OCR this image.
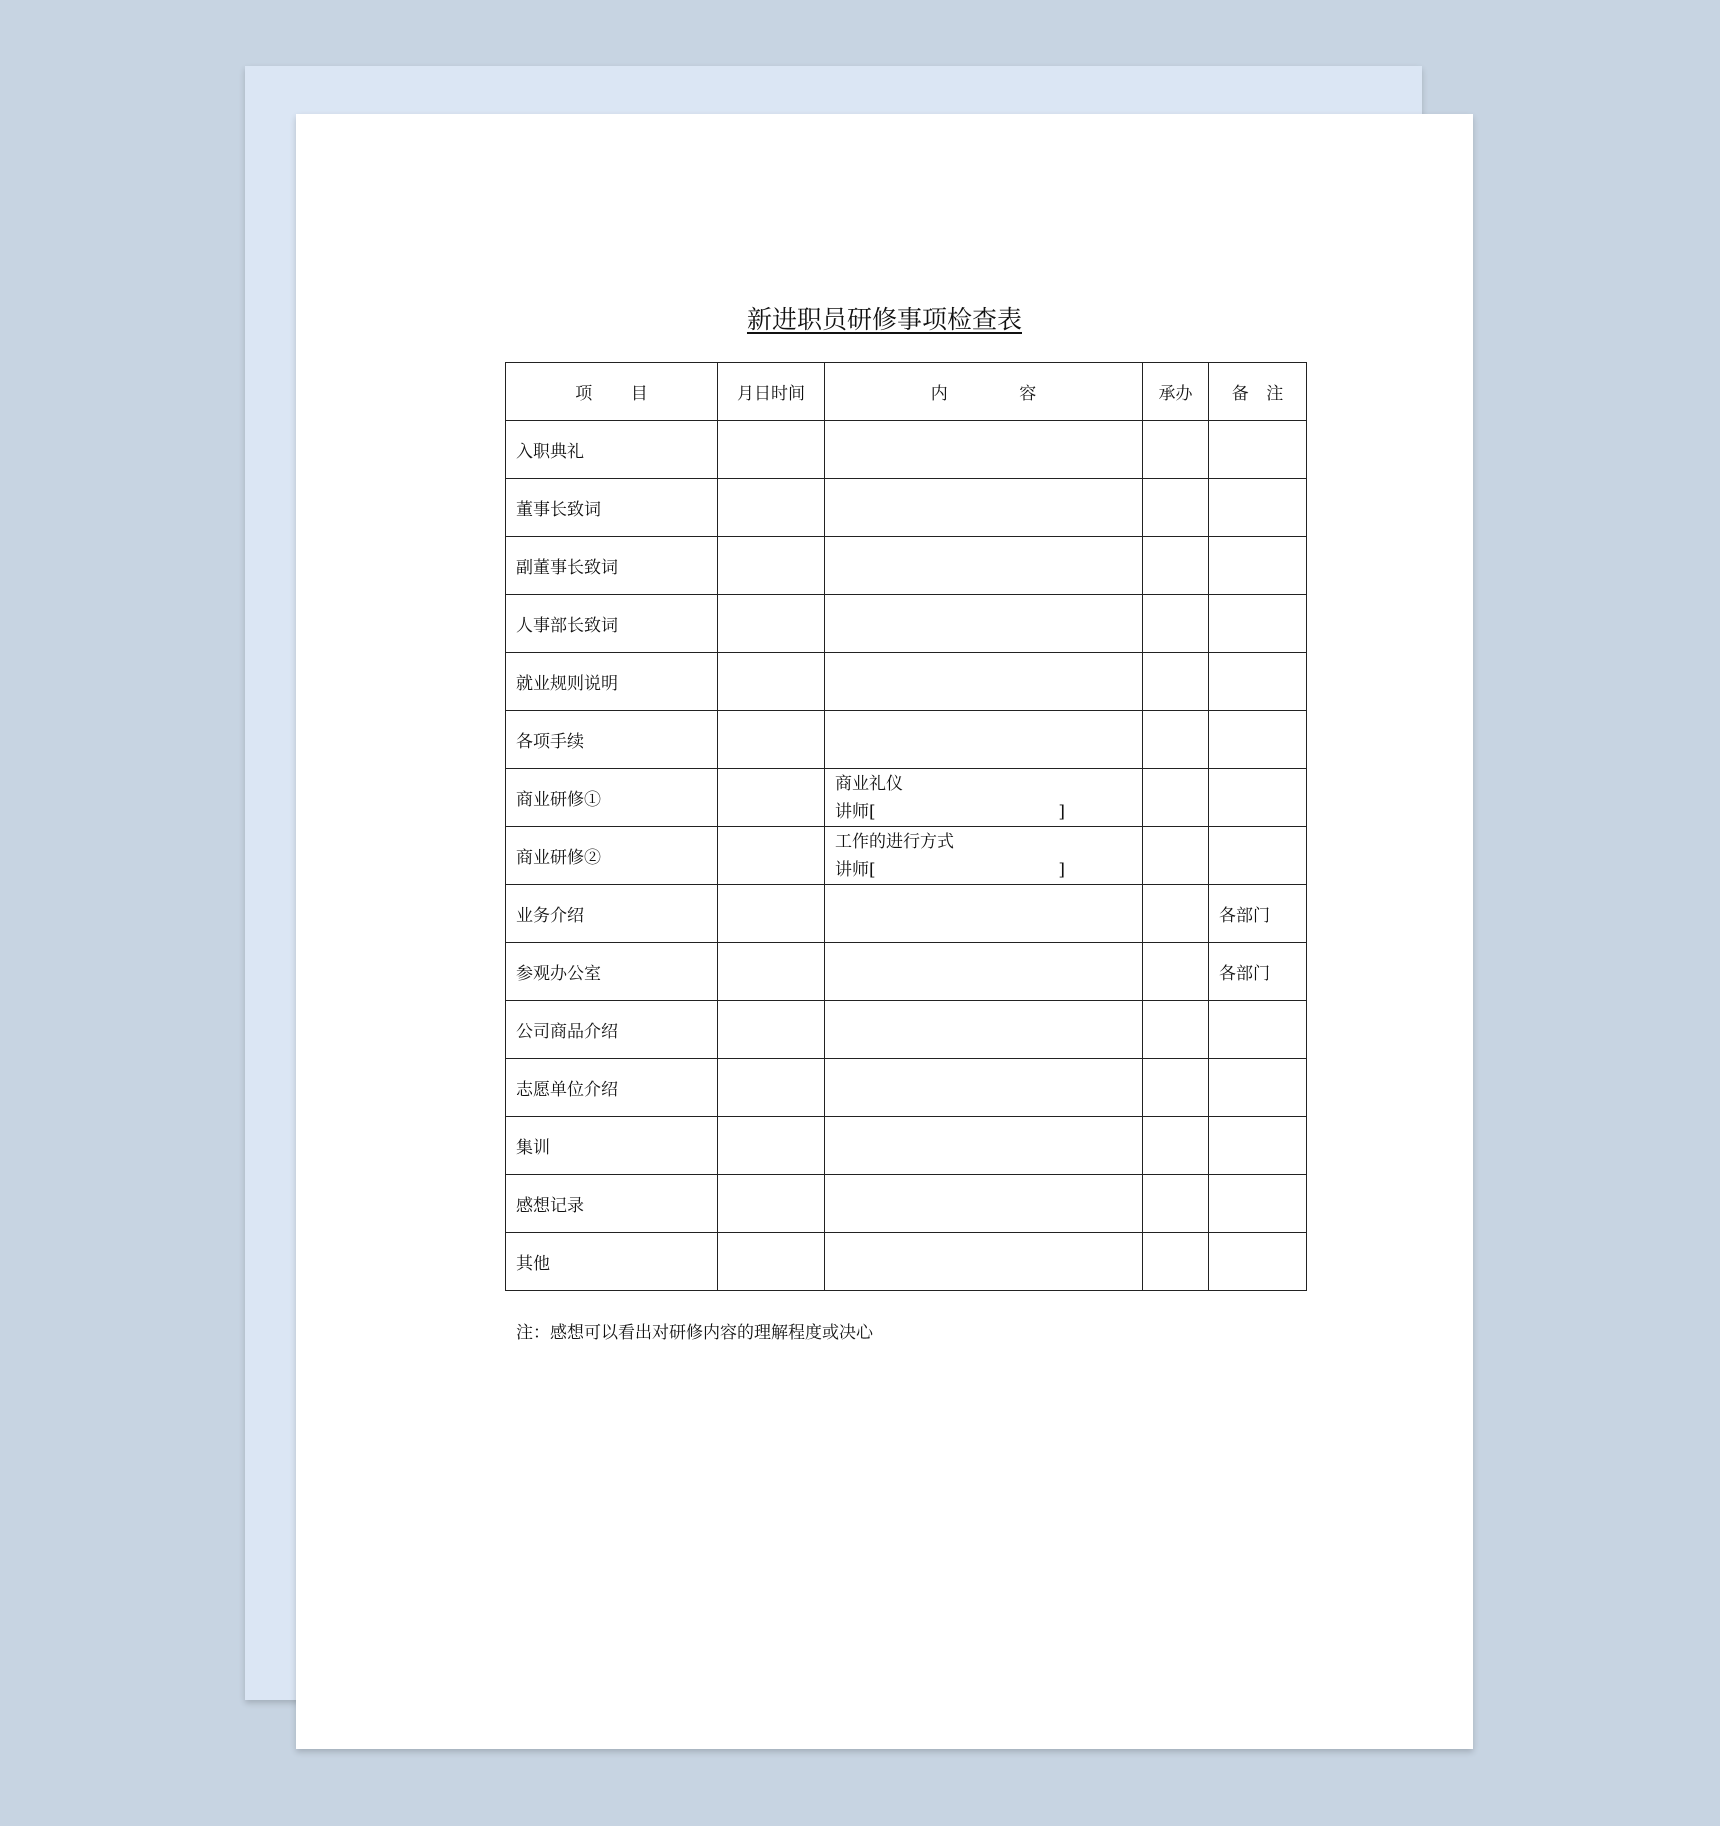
新进职员研修事项检查表
项 目	月日时间	内 容	承办	备 注

入职典礼				
董事长致词				
副董事长致词				
人事部长致词				
就业规则说明				
各项手续				
商业研修①		商业礼仪
讲师[ ]		

商业研修②		工作的进行方式
讲师[ ]		

业务介绍				各部门
参观办公室				各部门
公司商品介绍				
志愿单位介绍				
集训				
感想记录				
其他				
注：感想可以看出对研修内容的理解程度或决心
